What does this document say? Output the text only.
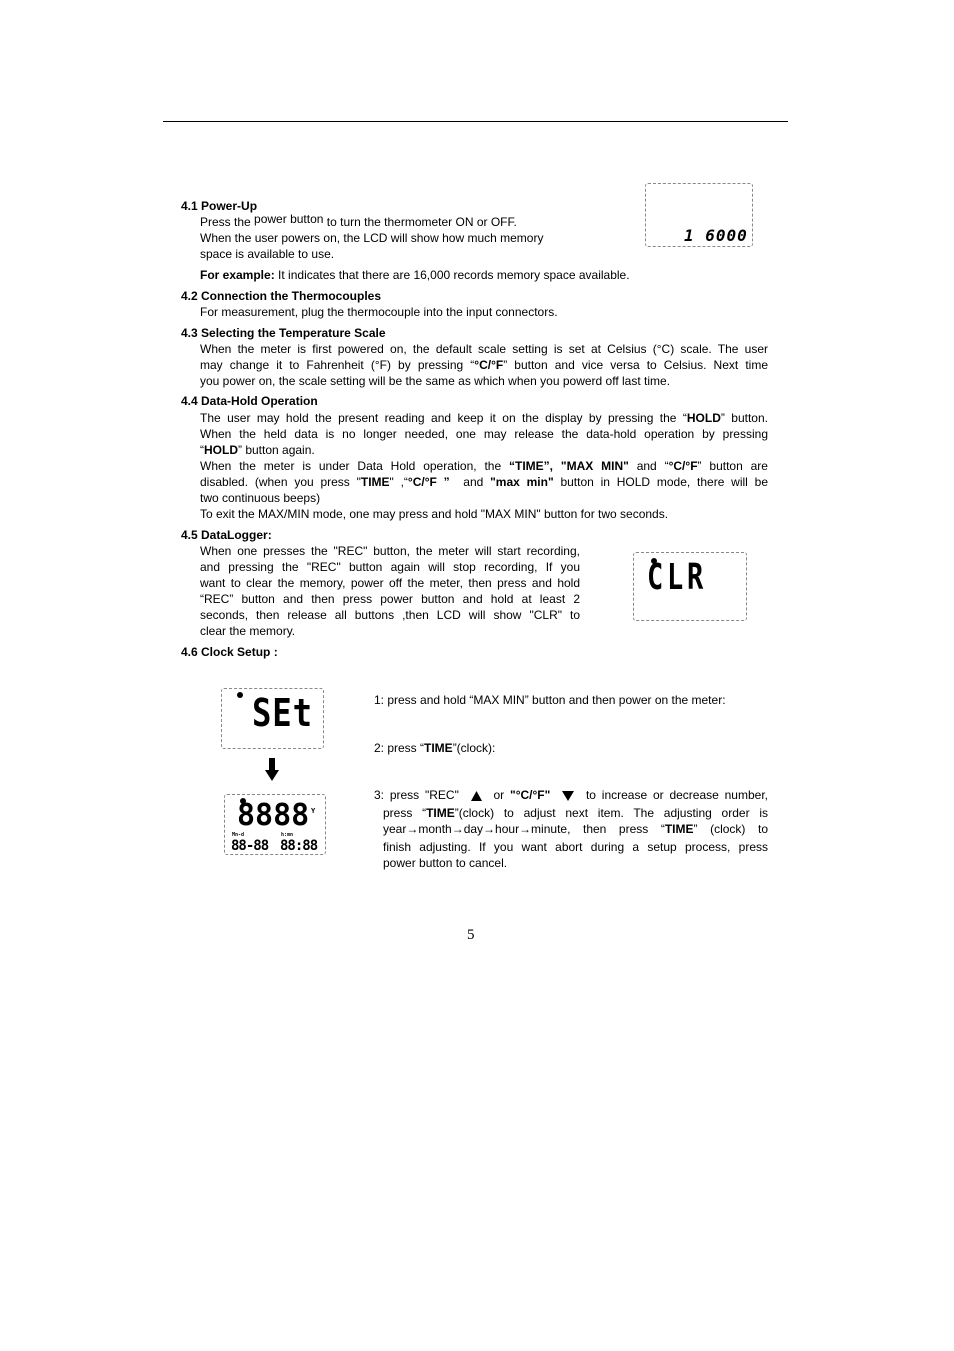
4.1 Power-Up
Press the power button to turn the thermometer ON or OFF.
When the user powers on, the LCD will show how much memory
space is available to use.
For example: It indicates that there are 16,000 records memory space available.
1 6000
4.2 Connection the Thermocouples
For measurement, plug the thermocouple into the input connectors.
4.3 Selecting the Temperature Scale
When the meter is first powered on, the default scale setting is set at Celsius (°C) scale. The user
may change it to Fahrenheit (°F) by pressing “°C/°F” button and vice versa to Celsius. Next time
you power on, the scale setting will be the same as which when you powerd off last time.
4.4 Data-Hold Operation
The user may hold the present reading and keep it on the display by pressing the “HOLD” button.
When the held data is no longer needed, one may release the data-hold operation by pressing
“HOLD” button again.
When the meter is under Data Hold operation, the “TIME”, "MAX MIN" and “°C/°F” button are
disabled. (when you press "TIME" ,“°C/°F ” and "max min" button in HOLD mode, there will be
two continuous beeps)
To exit the MAX/MIN mode, one may press and hold "MAX MIN" button for two seconds.
4.5 DataLogger:
When one presses the "REC" button, the meter will start recording,
and pressing the "REC" button again will stop recording, If you
want to clear the memory, power off the meter, then press and hold
“REC” button and then press power button and hold at least 2
seconds, then release all buttons ,then LCD will show "CLR" to
clear the memory.
CLR
4.6 Clock Setup :
SEt
8888 Y
Mn-d	h:mn
88-88 88:88
1: press and hold “MAX MIN” button and then power on the meter:
2: press “TIME”(clock):
3: press "REC"	or "°C/°F"	to increase or decrease number,
press “TIME”(clock) to adjust next item. The adjusting order is
year→month→day→hour→minute, then press “TIME” (clock) to
finish adjusting. If you want abort during a setup process, press
power button to cancel.
5
